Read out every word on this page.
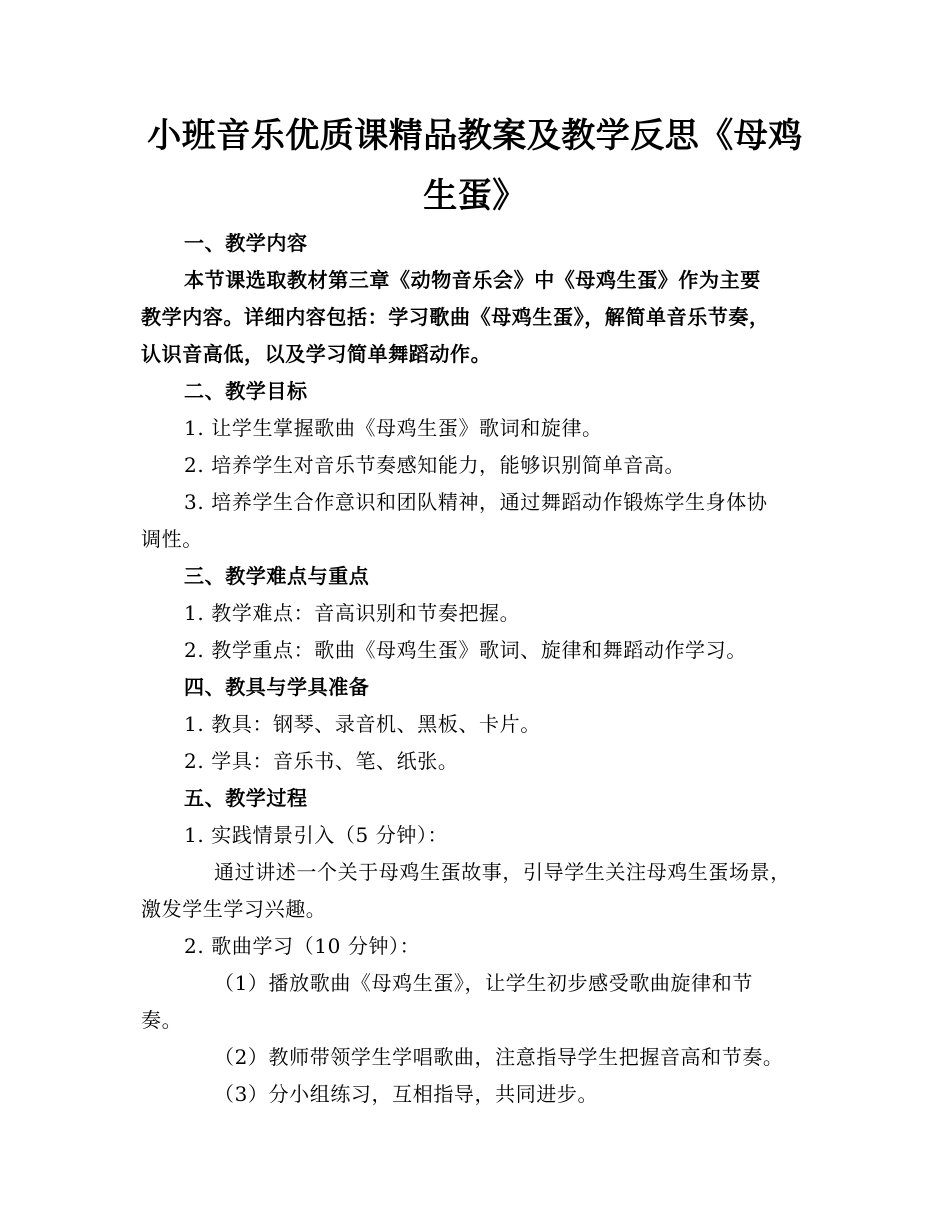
小班音乐优质课精品教案及教学反思《母鸡
生蛋》
一、教学内容
本节课选取教材第三章《动物音乐会》中《母鸡生蛋》作为主要
教学内容。详细内容包括：学习歌曲《母鸡生蛋》，解简单音乐节奏，
认识音高低，以及学习简单舞蹈动作。
二、教学目标
1. 让学生掌握歌曲《母鸡生蛋》歌词和旋律。
2. 培养学生对音乐节奏感知能力，能够识别简单音高。
3. 培养学生合作意识和团队精神，通过舞蹈动作锻炼学生身体协
调性。
三、教学难点与重点
1. 教学难点：音高识别和节奏把握。
2. 教学重点：歌曲《母鸡生蛋》歌词、旋律和舞蹈动作学习。
四、教具与学具准备
1. 教具：钢琴、录音机、黑板、卡片。
2. 学具：音乐书、笔、纸张。
五、教学过程
1. 实践情景引入（5 分钟）：
通过讲述一个关于母鸡生蛋故事，引导学生关注母鸡生蛋场景，
激发学生学习兴趣。
2. 歌曲学习（10 分钟）：
（1）播放歌曲《母鸡生蛋》，让学生初步感受歌曲旋律和节
奏。
（2）教师带领学生学唱歌曲，注意指导学生把握音高和节奏。
（3）分小组练习，互相指导，共同进步。
